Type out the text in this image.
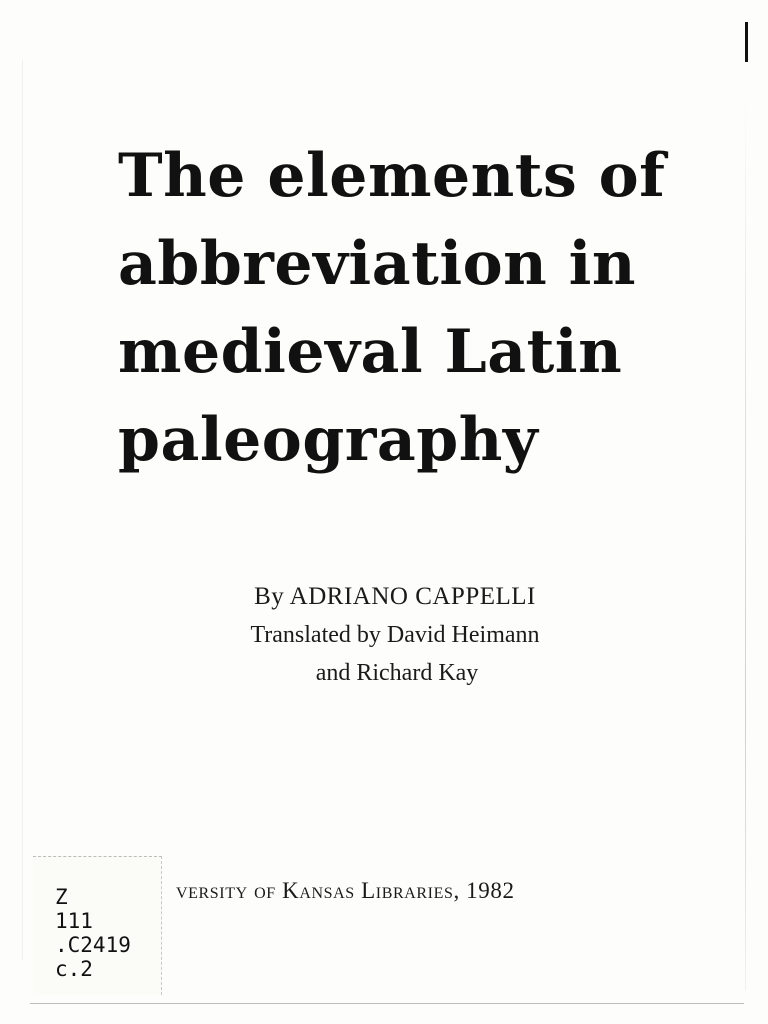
The elements of
abbreviation in
medieval Latin
paleography
By ADRIANO CAPPELLI
Translated by David Heimann
and Richard Kay
versity of Kansas Libraries, 1982
Z
111
.C2419
c.2
